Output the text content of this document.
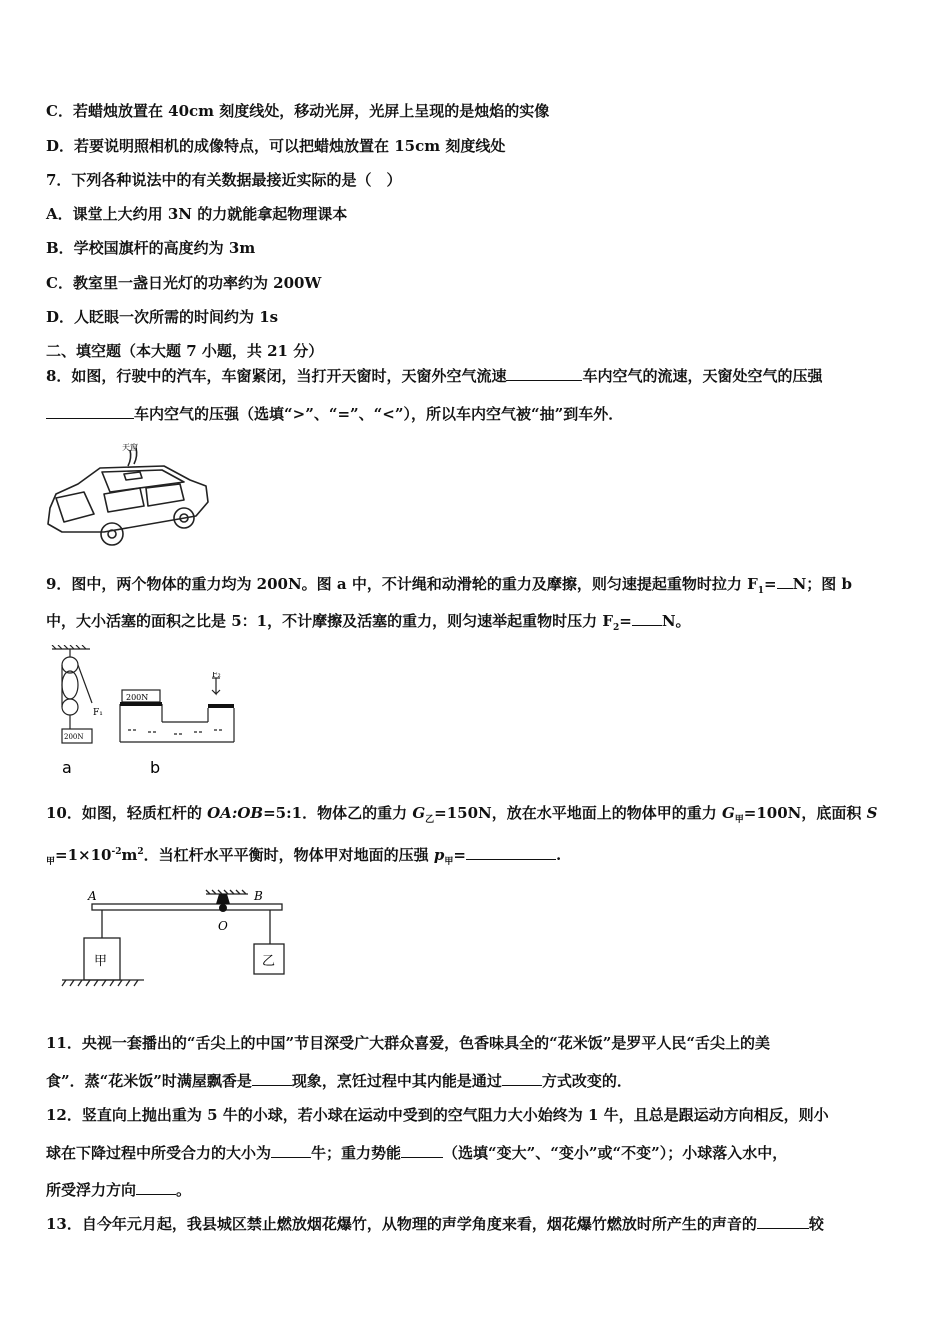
C．若蜡烛放置在 40cm 刻度线处，移动光屏，光屏上呈现的是烛焰的实像
D．若要说明照相机的成像特点，可以把蜡烛放置在 15cm 刻度线处
7．下列各种说法中的有关数据最接近实际的是（　）
A．课堂上大约用 3N 的力就能拿起物理课本
B．学校国旗杆的高度约为 3m
C．教室里一盏日光灯的功率约为 200W
D．人眨眼一次所需的时间约为 1s
二、填空题（本大题 7 小题，共 21 分）
8．如图，行驶中的汽车，车窗紧闭，当打开天窗时，天窗外空气流速	车内空气的流速，天窗处空气的压强
车内空气的压强（选填“>”、“=”、“<”），所以车内空气被“抽”到车外．
天窗
9．图中，两个物体的重力均为 200N。图 a 中，不计绳和动滑轮的重力及摩擦，则匀速提起重物时拉力 $F_1= N$；图 b
中，大小活塞的面积之比是 5：1，不计摩擦及活塞的重力，则匀速举起重物时压力 $F_2= N$。
F₁
200N
a
200N
F₂
b
10．如图，轻质杠杆的 OA:OB=5:1．物体乙的重力 $G_乙=150N$，放在水平地面上的物体甲的重力 $G_甲=100N$，底面积 S
$_甲=1\times 10^{-2}m^2$．当杠杆水平平衡时，物体甲对地面的压强 $p_甲=$	.
A	B
O
甲	乙
11．央视一套播出的“舌尖上的中国”节目深受广大群众喜爱，色香味具全的“花米饭”是罗平人民“舌尖上的美
食”．蒸“花米饭”时满屋飘香是	现象，烹饪过程中其内能是通过	方式改变的．
12．竖直向上抛出重为 5 牛的小球，若小球在运动中受到的空气阻力大小始终为 1 牛，且总是跟运动方向相反，则小
球在下降过程中所受合力的大小为	牛；重力势能	（选填“变大”、“变小”或“不变”）；小球落入水中，
所受浮力方向	。
13．自今年元月起，我县城区禁止燃放烟花爆竹，从物理的声学角度来看，烟花爆竹燃放时所产生的声音的	较
